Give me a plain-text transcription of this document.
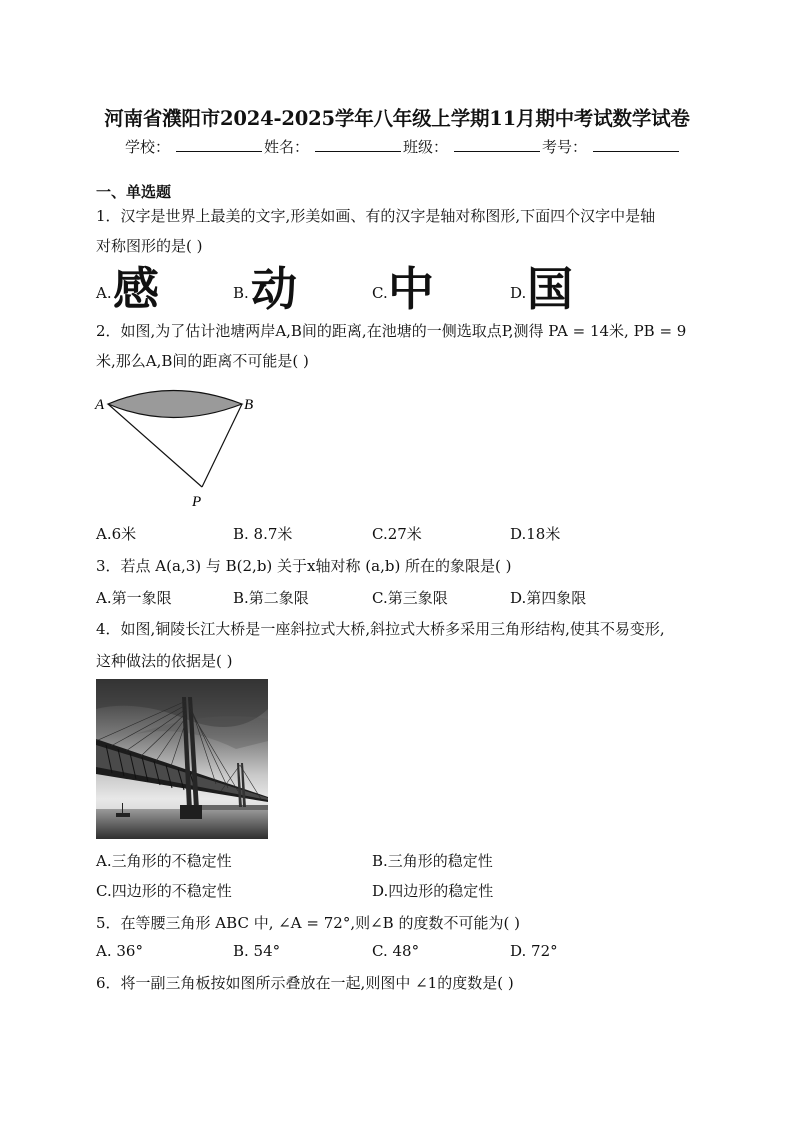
河南省濮阳市2024-2025学年八年级上学期11月期中考试数学试卷
学校：	姓名：	班级：	考号：
一、单选题
1．汉字是世界上最美的文字,形美如画、有的汉字是轴对称图形,下面四个汉字中是轴
对称图形的是( )
A. 感	B. 动	C. 中	D. 国
2．如图,为了估计池塘两岸A,B间的距离,在池塘的一侧选取点P,测得 PA = 14米, PB = 9
米,那么A,B间的距离不可能是( )
A	B
P
A.6米	B. 8.7米	C.27米	D.18米
3．若点 A(a,3) 与 B(2,b) 关于x轴对称 (a,b) 所在的象限是( )
A.第一象限	B.第二象限	C.第三象限	D.第四象限
4．如图,铜陵长江大桥是一座斜拉式大桥,斜拉式大桥多采用三角形结构,使其不易变形,
这种做法的依据是( )
A.三角形的不稳定性	B.三角形的稳定性
C.四边形的不稳定性	D.四边形的稳定性
5．在等腰三角形 ABC 中, ∠A = 72°,则∠B 的度数不可能为( )
A. 36°	B. 54°	C. 48°	D. 72°
6．将一副三角板按如图所示叠放在一起,则图中 ∠1的度数是( )
